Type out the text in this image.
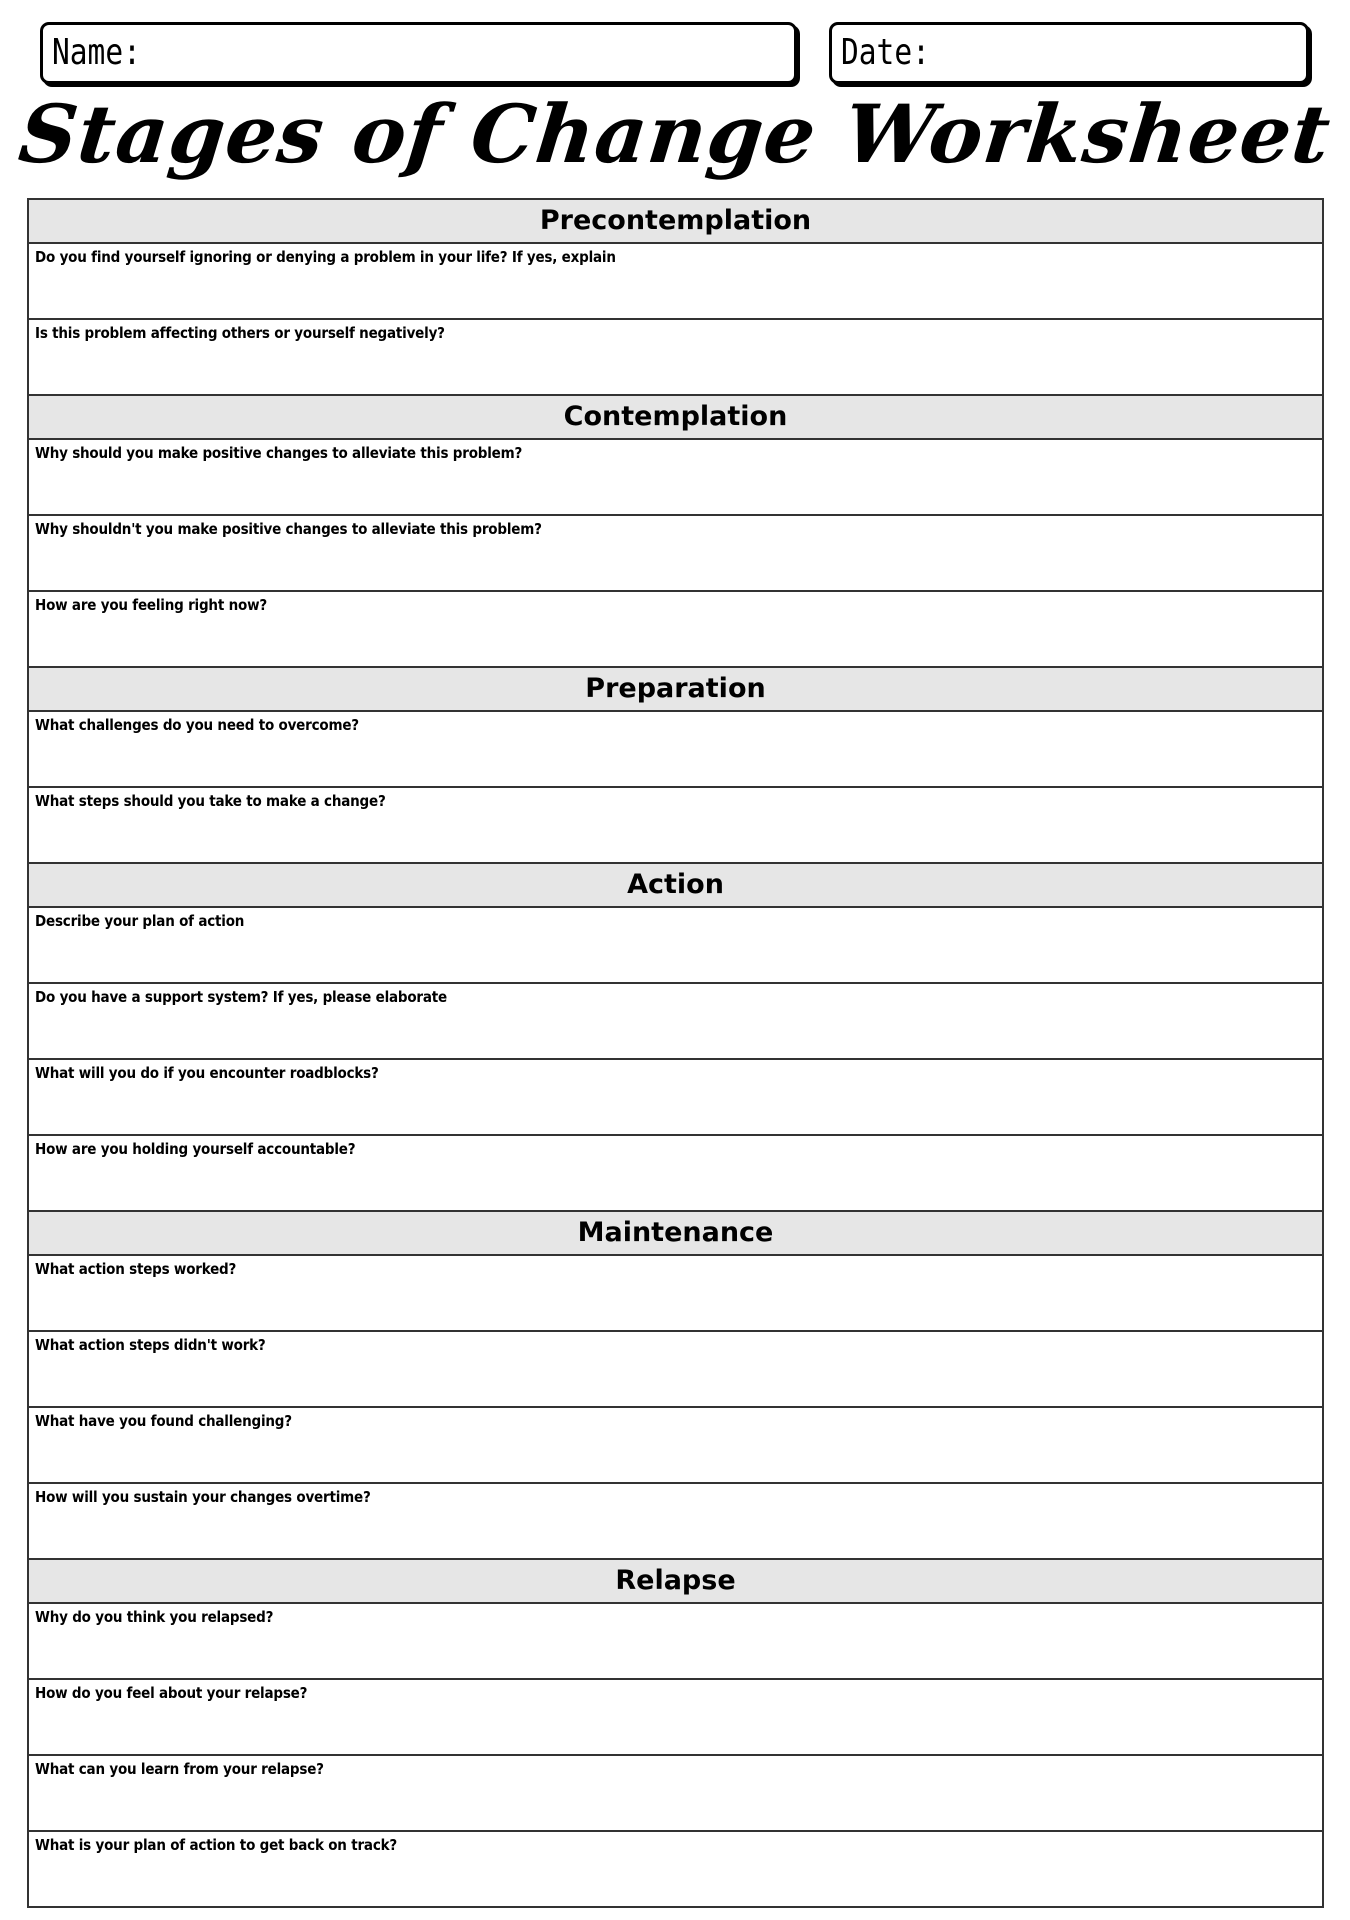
Name:	Date:
Stages of Change Worksheet
Precontemplation
Do you find yourself ignoring or denying a problem in your life? If yes, explain
Is this problem affecting others or yourself negatively?
Contemplation
Why should you make positive changes to alleviate this problem?
Why shouldn't you make positive changes to alleviate this problem?
How are you feeling right now?
Preparation
What challenges do you need to overcome?
What steps should you take to make a change?
Action
Describe your plan of action
Do you have a support system? If yes, please elaborate
What will you do if you encounter roadblocks?
How are you holding yourself accountable?
Maintenance
What action steps worked?
What action steps didn't work?
What have you found challenging?
How will you sustain your changes overtime?
Relapse
Why do you think you relapsed?
How do you feel about your relapse?
What can you learn from your relapse?
What is your plan of action to get back on track?
